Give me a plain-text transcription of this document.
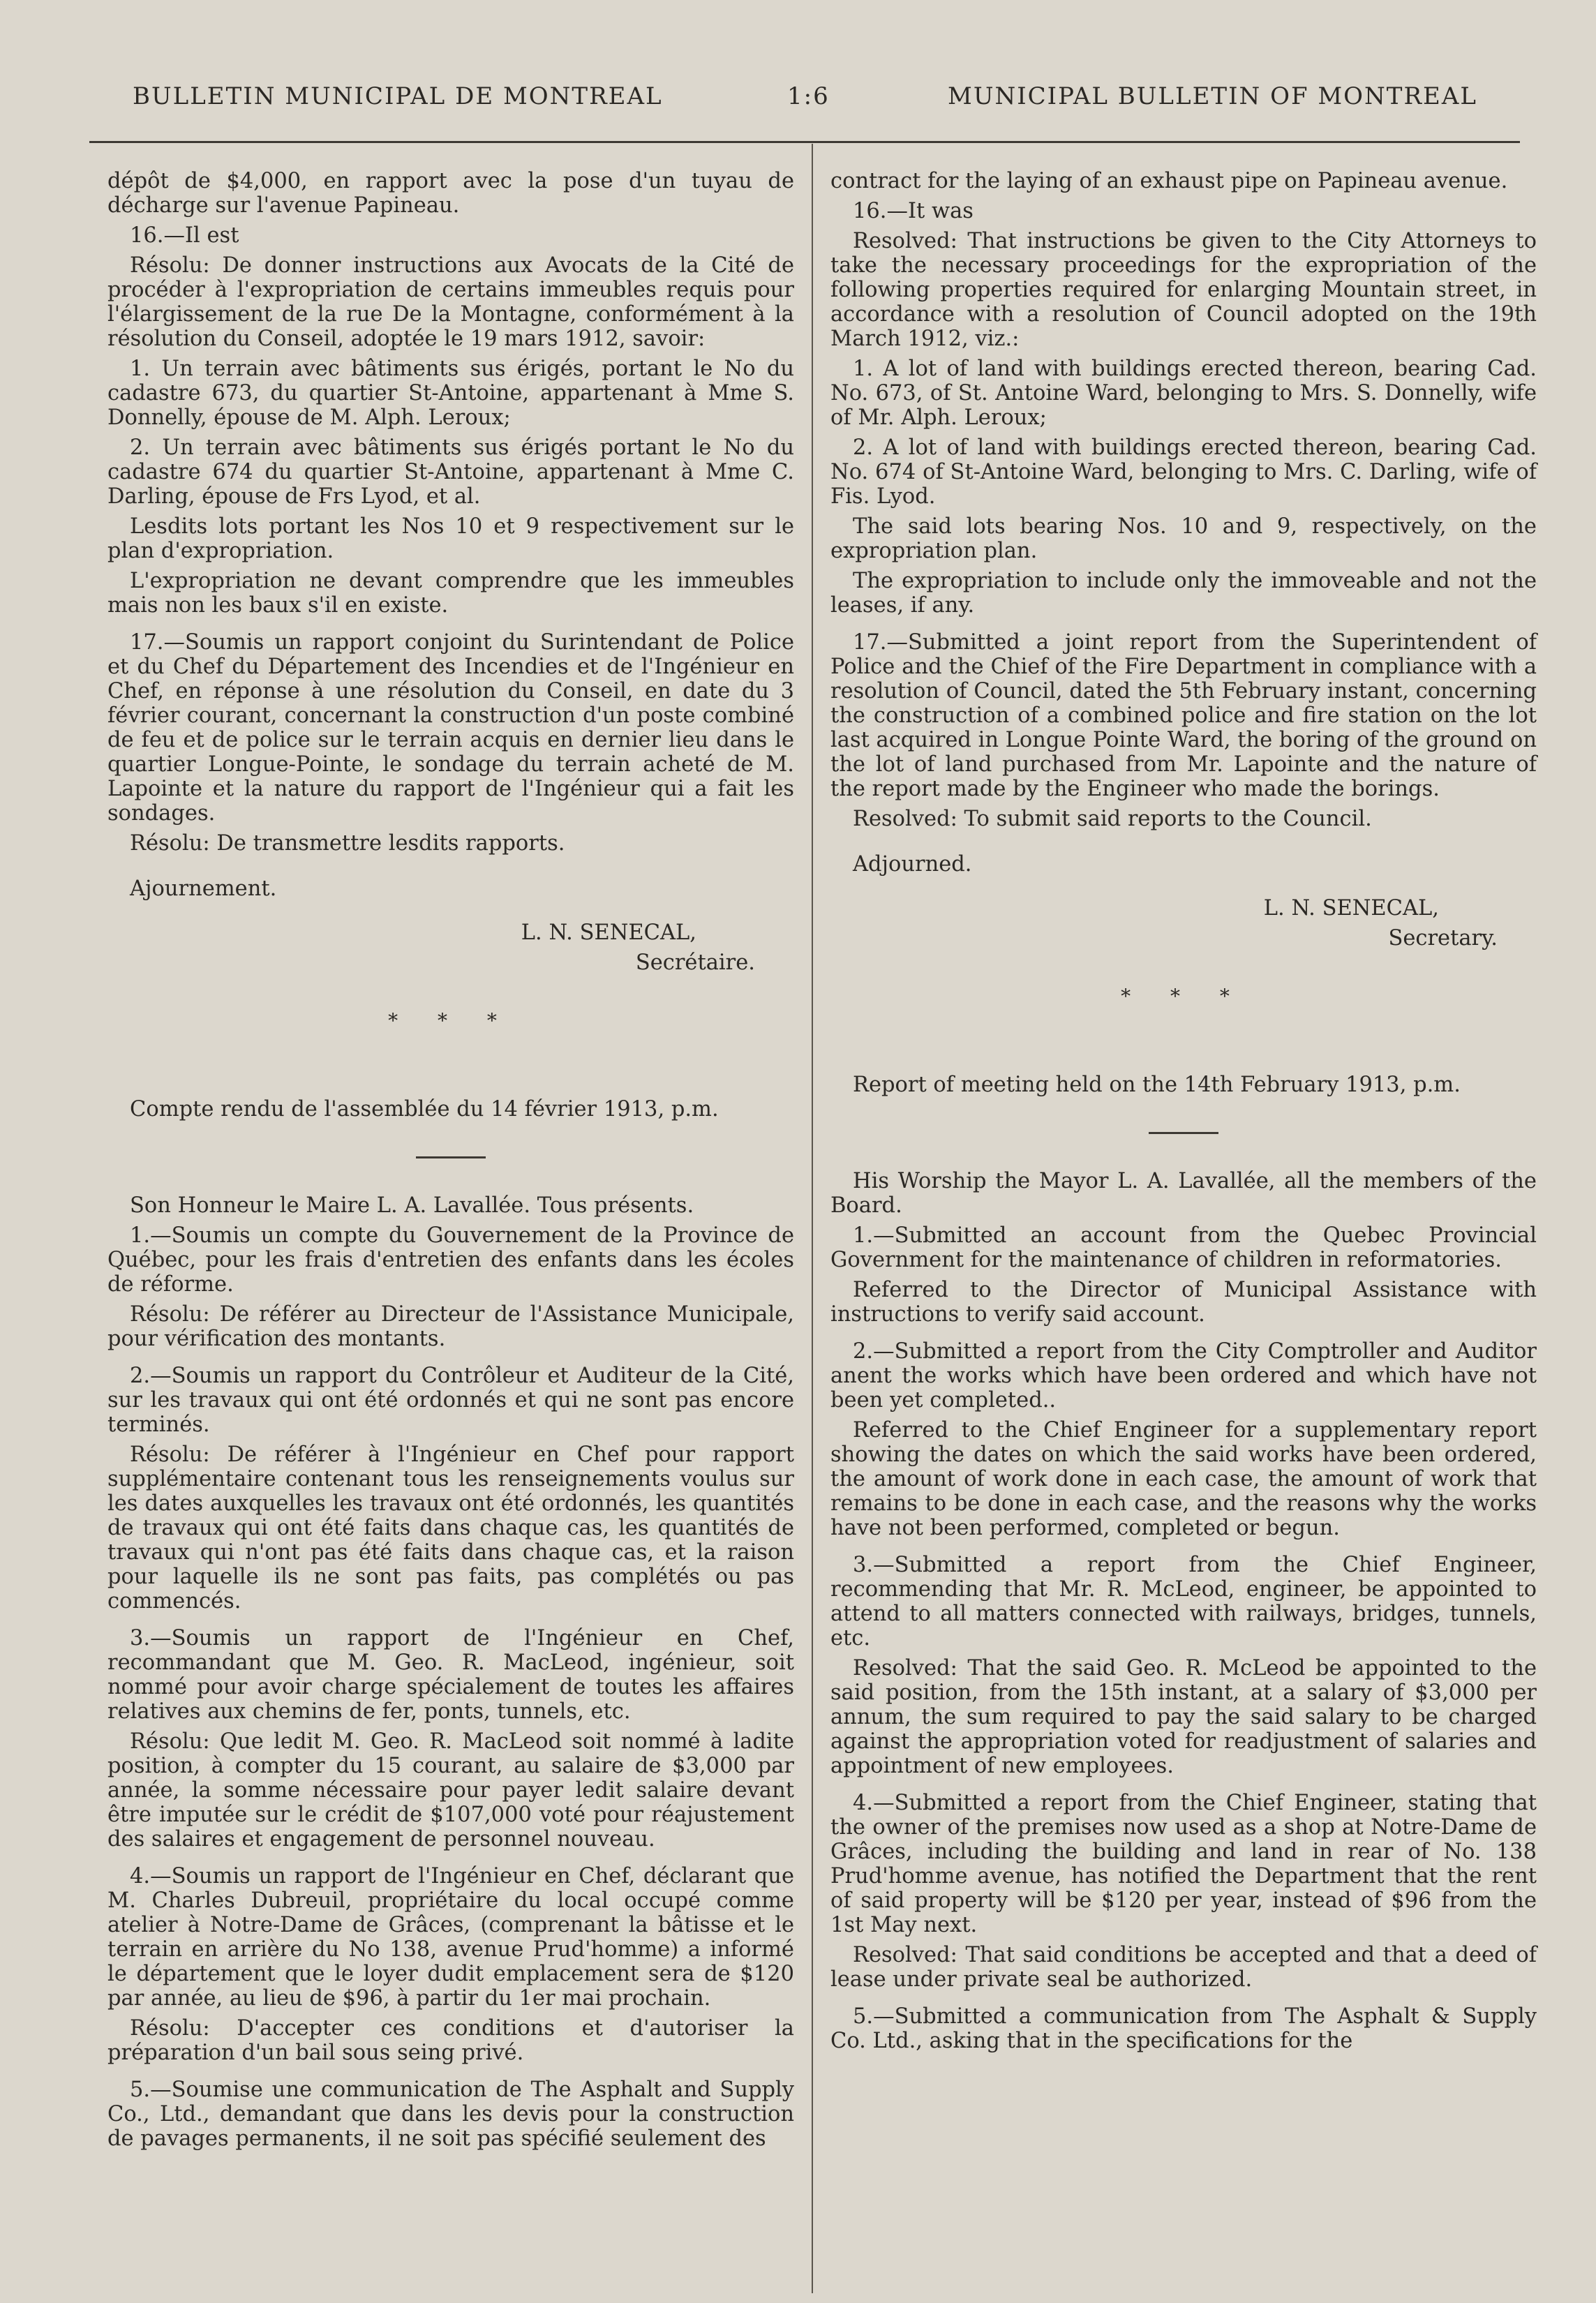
BULLETIN MUNICIPAL DE MONTREAL	1:6	MUNICIPAL BULLETIN OF MONTREAL

dépôt de $4,000, en rapport avec la pose d'un tuyau de décharge sur l'avenue Papineau.

16.—Il est

Résolu: De donner instructions aux Avocats de la Cité de procéder à l'expropriation de certains immeubles requis pour l'élargissement de la rue De la Montagne, conformément à la résolution du Conseil, adoptée le 19 mars 1912, savoir:

1. Un terrain avec bâtiments sus érigés, portant le No du cadastre 673, du quartier St-Antoine, appartenant à Mme S. Donnelly, épouse de M. Alph. Leroux;

2. Un terrain avec bâtiments sus érigés portant le No du cadastre 674 du quartier St-Antoine, appartenant à Mme C. Darling, épouse de Frs Lyod, et al.

Lesdits lots portant les Nos 10 et 9 respectivement sur le plan d'expropriation.

L'expropriation ne devant comprendre que les immeubles mais non les baux s'il en existe.

17.—Soumis un rapport conjoint du Surintendant de Police et du Chef du Département des Incendies et de l'Ingénieur en Chef, en réponse à une résolution du Conseil, en date du 3 février courant, concernant la construction d'un poste combiné de feu et de police sur le terrain acquis en dernier lieu dans le quartier Longue-Pointe, le sondage du terrain acheté de M. Lapointe et la nature du rapport de l'Ingénieur qui a fait les sondages.

Résolu: De transmettre lesdits rapports.

Ajournement.

L. N. SENECAL,

Secrétaire.

* * *

Compte rendu de l'assemblée du 14 février 1913, p.m.

Son Honneur le Maire L. A. Lavallée. Tous présents.

1.—Soumis un compte du Gouvernement de la Province de Québec, pour les frais d'entretien des enfants dans les écoles de réforme.

Résolu: De référer au Directeur de l'Assistance Municipale, pour vérification des montants.

2.—Soumis un rapport du Contrôleur et Auditeur de la Cité, sur les travaux qui ont été ordonnés et qui ne sont pas encore terminés.

Résolu: De référer à l'Ingénieur en Chef pour rapport supplémentaire contenant tous les renseignements voulus sur les dates auxquelles les travaux ont été ordonnés, les quantités de travaux qui ont été faits dans chaque cas, les quantités de travaux qui n'ont pas été faits dans chaque cas, et la raison pour laquelle ils ne sont pas faits, pas complétés ou pas commencés.

3.—Soumis un rapport de l'Ingénieur en Chef, recommandant que M. Geo. R. MacLeod, ingénieur, soit nommé pour avoir charge spécialement de toutes les affaires relatives aux chemins de fer, ponts, tunnels, etc.

Résolu: Que ledit M. Geo. R. MacLeod soit nommé à ladite position, à compter du 15 courant, au salaire de $3,000 par année, la somme nécessaire pour payer ledit salaire devant être imputée sur le crédit de $107,000 voté pour réajustement des salaires et engagement de personnel nouveau.

4.—Soumis un rapport de l'Ingénieur en Chef, déclarant que M. Charles Dubreuil, propriétaire du local occupé comme atelier à Notre-Dame de Grâces, (comprenant la bâtisse et le terrain en arrière du No 138, avenue Prud'homme) a informé le département que le loyer dudit emplacement sera de $120 par année, au lieu de $96, à partir du 1er mai prochain.

Résolu: D'accepter ces conditions et d'autoriser la préparation d'un bail sous seing privé.

5.—Soumise une communication de The Asphalt and Supply Co., Ltd., demandant que dans les devis pour la construction de pavages permanents, il ne soit pas spécifié seulement des

contract for the laying of an exhaust pipe on Papineau avenue.

16.—It was

Resolved: That instructions be given to the City Attorneys to take the necessary proceedings for the expropriation of the following properties required for enlarging Mountain street, in accordance with a resolution of Council adopted on the 19th March 1912, viz.:

1. A lot of land with buildings erected thereon, bearing Cad. No. 673, of St. Antoine Ward, belonging to Mrs. S. Donnelly, wife of Mr. Alph. Leroux;

2. A lot of land with buildings erected thereon, bearing Cad. No. 674 of St-Antoine Ward, belonging to Mrs. C. Darling, wife of Fis. Lyod.

The said lots bearing Nos. 10 and 9, respectively, on the expropriation plan.

The expropriation to include only the immoveable and not the leases, if any.

17.—Submitted a joint report from the Superintendent of Police and the Chief of the Fire Department in compliance with a resolution of Council, dated the 5th February instant, concerning the construction of a combined police and fire station on the lot last acquired in Longue Pointe Ward, the boring of the ground on the lot of land purchased from Mr. Lapointe and the nature of the report made by the Engineer who made the borings.

Resolved: To submit said reports to the Council.

Adjourned.

L. N. SENECAL,

Secretary.

* * *

Report of meeting held on the 14th February 1913, p.m.

His Worship the Mayor L. A. Lavallée, all the members of the Board.

1.—Submitted an account from the Quebec Provincial Government for the maintenance of children in reformatories.

Referred to the Director of Municipal Assistance with instructions to verify said account.

2.—Submitted a report from the City Comptroller and Auditor anent the works which have been ordered and which have not been yet completed..

Referred to the Chief Engineer for a supplementary report showing the dates on which the said works have been ordered, the amount of work done in each case, the amount of work that remains to be done in each case, and the reasons why the works have not been performed, completed or begun.

3.—Submitted a report from the Chief Engineer, recommending that Mr. R. McLeod, engineer, be appointed to attend to all matters connected with railways, bridges, tunnels, etc.

Resolved: That the said Geo. R. McLeod be appointed to the said position, from the 15th instant, at a salary of $3,000 per annum, the sum required to pay the said salary to be charged against the appropriation voted for readjustment of salaries and appointment of new employees.

4.—Submitted a report from the Chief Engineer, stating that the owner of the premises now used as a shop at Notre-Dame de Grâces, including the building and land in rear of No. 138 Prud'homme avenue, has notified the Department that the rent of said property will be $120 per year, instead of $96 from the 1st May next.

Resolved: That said conditions be accepted and that a deed of lease under private seal be authorized.

5.—Submitted a communication from The Asphalt & Supply Co. Ltd., asking that in the specifications for the
